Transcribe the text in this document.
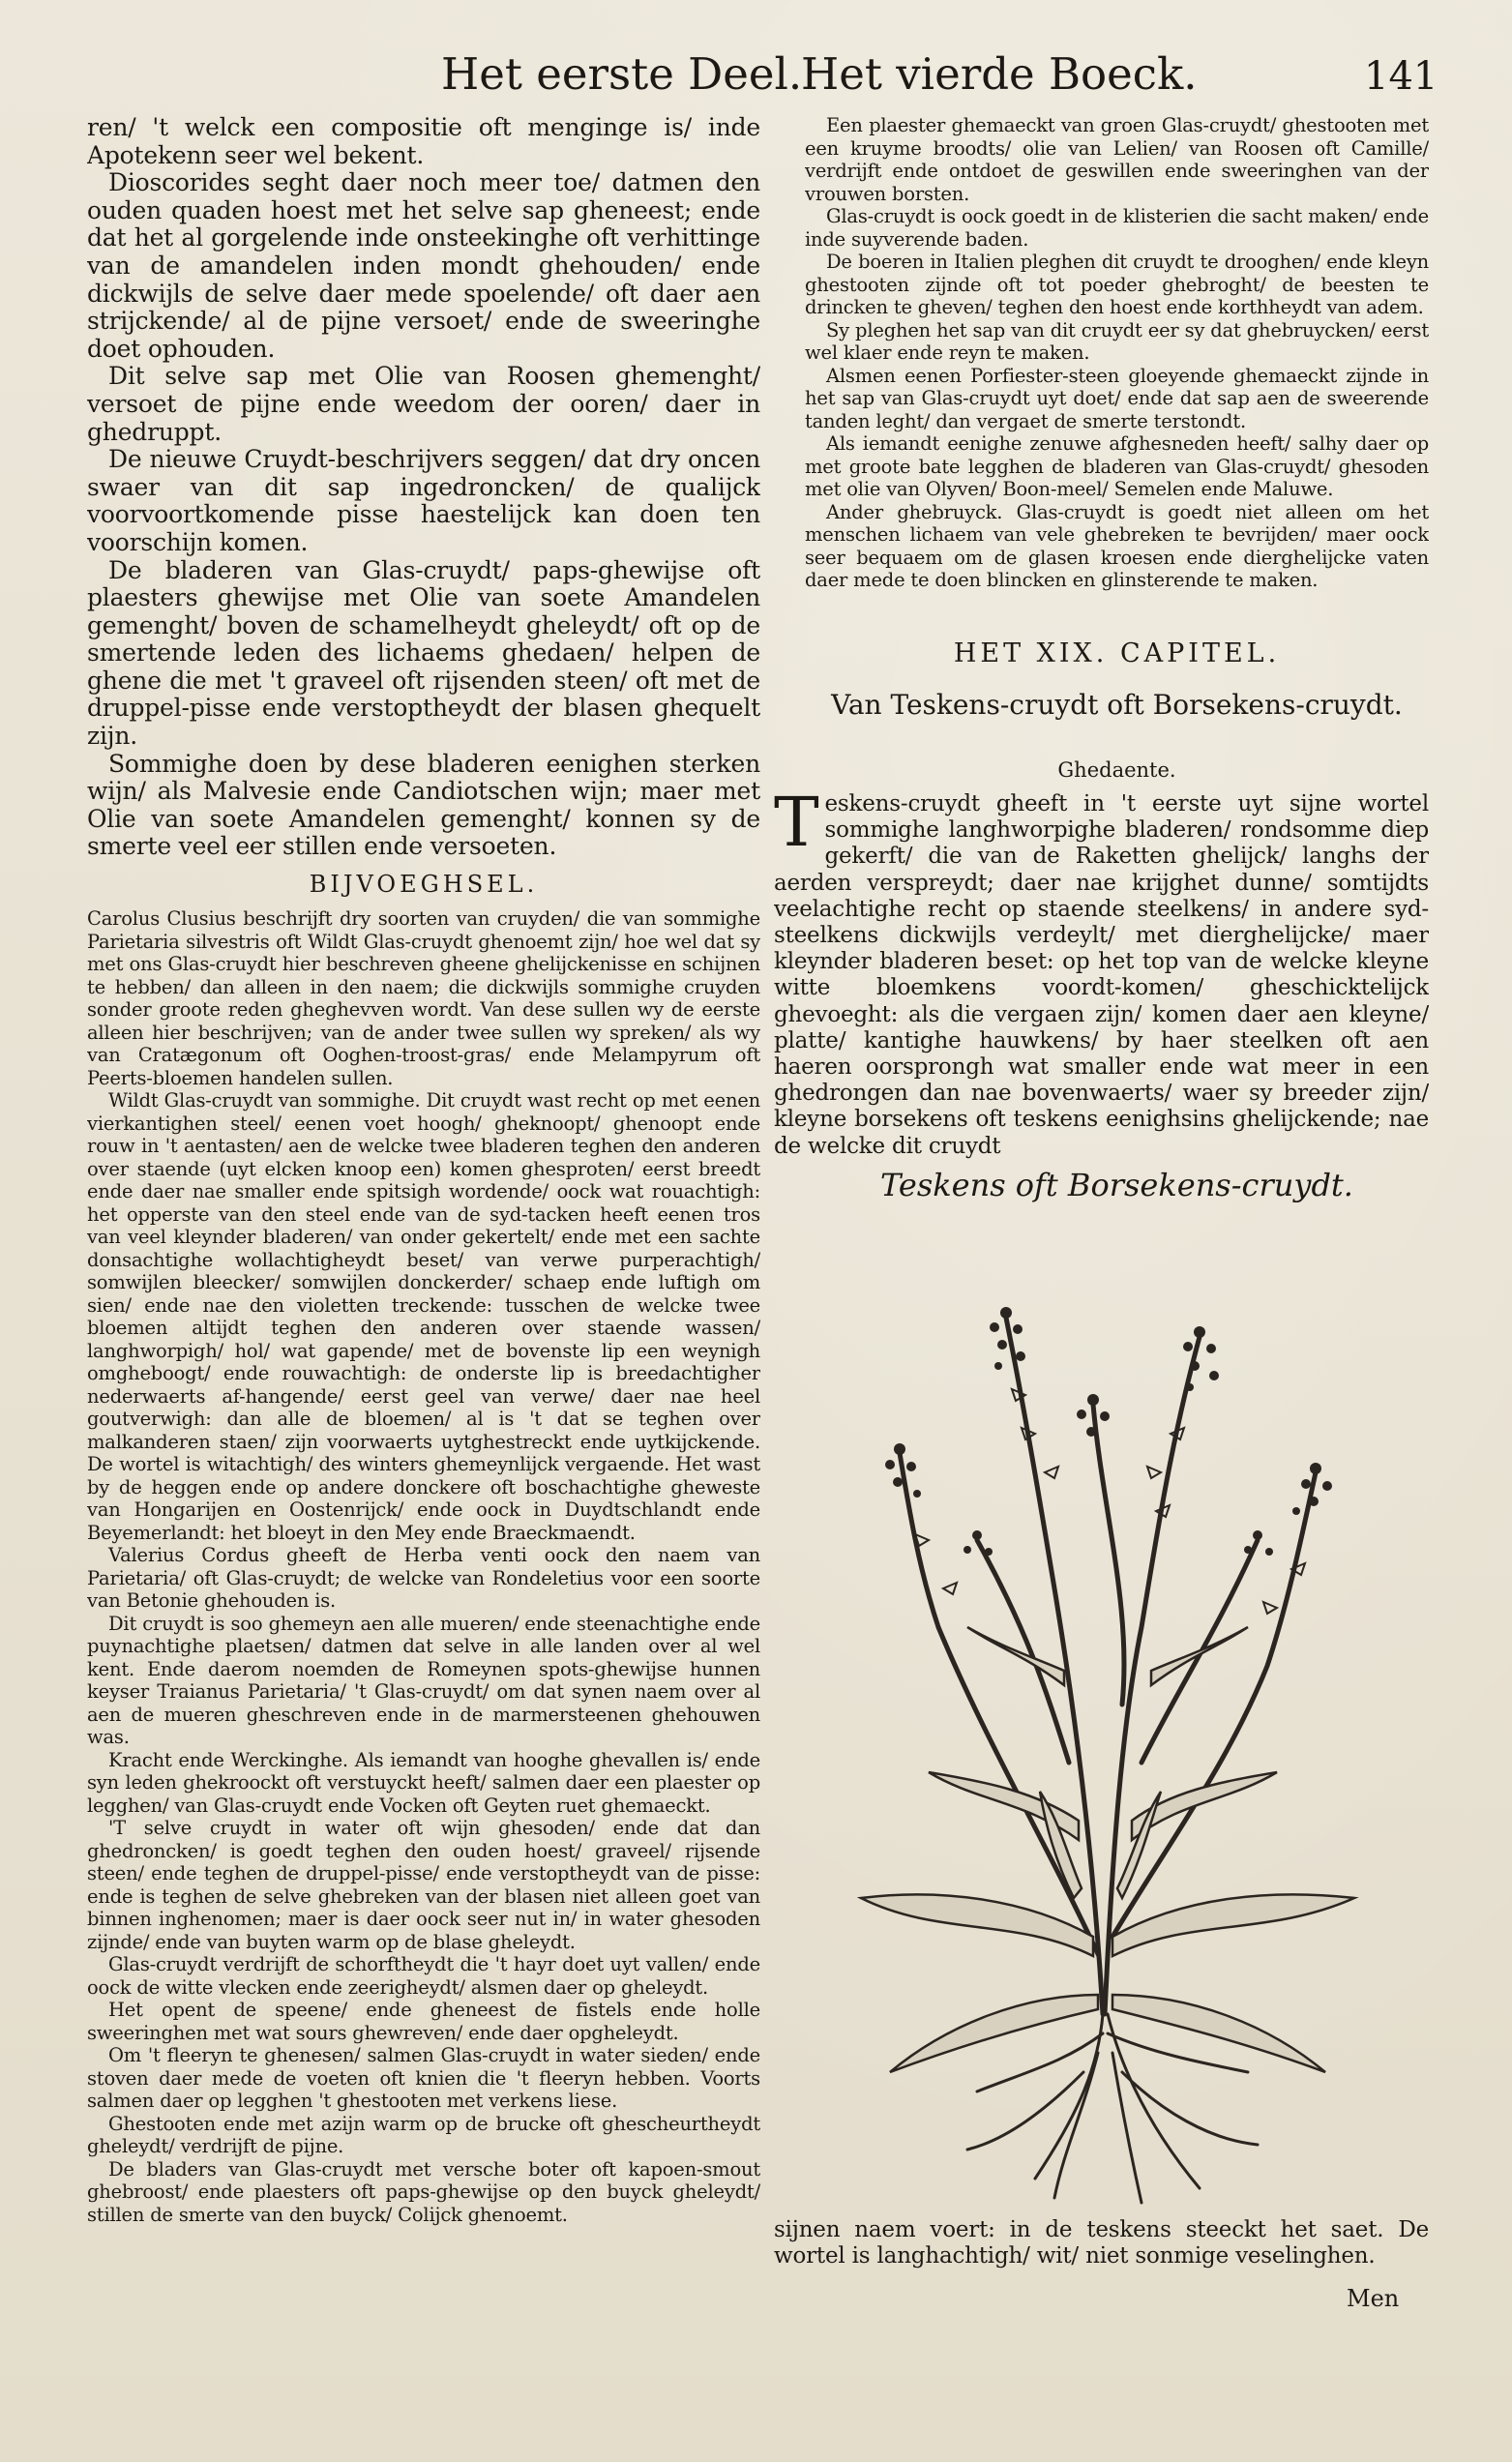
Het eerste Deel.
Het vierde Boeck.	141

ren/ 't welck een compositie oft menginge is/ inde Apotekenn seer wel bekent.

Dioscorides seght daer noch meer toe/ datmen den ouden quaden hoest met het selve sap gheneest; ende dat het al gorgelende inde onsteekinghe oft verhittinge van de amandelen inden mondt ghehouden/ ende dickwijls de selve daer mede spoelende/ oft daer aen strijckende/ al de pijne versoet/ ende de sweeringhe doet ophouden.

Dit selve sap met Olie van Roosen ghemenght/ versoet de pijne ende weedom der ooren/ daer in ghedruppt.

De nieuwe Cruydt-beschrijvers seggen/ dat dry oncen swaer van dit sap ingedroncken/ de qualijck voorvoortkomende pisse haestelijck kan doen ten voorschijn komen.

De bladeren van Glas-cruydt/ paps-ghewijse oft plaesters ghewijse met Olie van soete Amandelen gemenght/ boven de schamelheydt gheleydt/ oft op de smertende leden des lichaems ghedaen/ helpen de ghene die met 't graveel oft rijsenden steen/ oft met de druppel-pisse ende verstoptheydt der blasen ghequelt zijn.

Sommighe doen by dese bladeren eenighen sterken wijn/ als Malvesie ende Candiotschen wijn; maer met Olie van soete Amandelen gemenght/ konnen sy de smerte veel eer stillen ende versoeten.

BIJVOEGHSEL.

Carolus Clusius beschrijft dry soorten van cruyden/ die van sommighe Parietaria silvestris oft Wildt Glas-cruydt ghenoemt zijn/ hoe wel dat sy met ons Glas-cruydt hier beschreven gheene ghelijckenisse en schijnen te hebben/ dan alleen in den naem; die dickwijls sommighe cruyden sonder groote reden gheghevven wordt. Van dese sullen wy de eerste alleen hier beschrijven; van de ander twee sullen wy spreken/ als wy van Cratægonum oft Ooghen-troost-gras/ ende Melampyrum oft Peerts-bloemen handelen sullen.

Wildt Glas-cruydt van sommighe. Dit cruydt wast recht op met eenen vierkantighen steel/ eenen voet hoogh/ gheknoopt/ ghenoopt ende rouw in 't aentasten/ aen de welcke twee bladeren teghen den anderen over staende (uyt elcken knoop een) komen ghesproten/ eerst breedt ende daer nae smaller ende spitsigh wordende/ oock wat rouachtigh: het opperste van den steel ende van de syd-tacken heeft eenen tros van veel kleynder bladeren/ van onder gekertelt/ ende met een sachte donsachtighe wollachtigheydt beset/ van verwe purperachtigh/ somwijlen bleecker/ somwijlen donckerder/ schaep ende luftigh om sien/ ende nae den violetten treckende: tusschen de welcke twee bloemen altijdt teghen den anderen over staende wassen/ langhworpigh/ hol/ wat gapende/ met de bovenste lip een weynigh omgheboogt/ ende rouwachtigh: de onderste lip is breedachtigher nederwaerts af-hangende/ eerst geel van verwe/ daer nae heel goutverwigh: dan alle de bloemen/ al is 't dat se teghen over malkanderen staen/ zijn voorwaerts uytghestreckt ende uytkijckende. De wortel is witachtigh/ des winters ghemeynlijck vergaende. Het wast by de heggen ende op andere donckere oft boschachtighe gheweste van Hongarijen en Oostenrijck/ ende oock in Duydtschlandt ende Beyemerlandt: het bloeyt in den Mey ende Braeckmaendt.

Valerius Cordus gheeft de Herba venti oock den naem van Parietaria/ oft Glas-cruydt; de welcke van Rondeletius voor een soorte van Betonie ghehouden is.

Dit cruydt is soo ghemeyn aen alle mueren/ ende steenachtighe ende puynachtighe plaetsen/ datmen dat selve in alle landen over al wel kent. Ende daerom noemden de Romeynen spots-ghewijse hunnen keyser Traianus Parietaria/ 't Glas-cruydt/ om dat synen naem over al aen de mueren gheschreven ende in de marmersteenen ghehouwen was.

Kracht ende Werckinghe. Als iemandt van hooghe ghevallen is/ ende syn leden ghekroockt oft verstuyckt heeft/ salmen daer een plaester op legghen/ van Glas-cruydt ende Vocken oft Geyten ruet ghemaeckt.

'T selve cruydt in water oft wijn ghesoden/ ende dat dan ghedroncken/ is goedt teghen den ouden hoest/ graveel/ rijsende steen/ ende teghen de druppel-pisse/ ende verstoptheydt van de pisse: ende is teghen de selve ghebreken van der blasen niet alleen goet van binnen inghenomen; maer is daer oock seer nut in/ in water ghesoden zijnde/ ende van buyten warm op de blase gheleydt.

Glas-cruydt verdrijft de schorftheydt die 't hayr doet uyt vallen/ ende oock de witte vlecken ende zeerigheydt/ alsmen daer op gheleydt.

Het opent de speene/ ende gheneest de fistels ende holle sweeringhen met wat sours ghewreven/ ende daer opgheleydt.

Om 't fleeryn te ghenesen/ salmen Glas-cruydt in water sieden/ ende stoven daer mede de voeten oft knien die 't fleeryn hebben. Voorts salmen daer op legghen 't ghestooten met verkens liese.

Ghestooten ende met azijn warm op de brucke oft ghescheurtheydt gheleydt/ verdrijft de pijne.

De bladers van Glas-cruydt met versche boter oft kapoen-smout ghebroost/ ende plaesters oft paps-ghewijse op den buyck gheleydt/ stillen de smerte van den buyck/ Colijck ghenoemt.

Een plaester ghemaeckt van groen Glas-cruydt/ ghestooten met een kruyme broodts/ olie van Lelien/ van Roosen oft Camille/ verdrijft ende ontdoet de geswillen ende sweeringhen van der vrouwen borsten.

Glas-cruydt is oock goedt in de klisterien die sacht maken/ ende inde suyverende baden.

De boeren in Italien pleghen dit cruydt te drooghen/ ende kleyn ghestooten zijnde oft tot poeder ghebroght/ de beesten te drincken te gheven/ teghen den hoest ende korthheydt van adem.

Sy pleghen het sap van dit cruydt eer sy dat ghebruycken/ eerst wel klaer ende reyn te maken.

Alsmen eenen Porfiester-steen gloeyende ghemaeckt zijnde in het sap van Glas-cruydt uyt doet/ ende dat sap aen de sweerende tanden leght/ dan vergaet de smerte terstondt.

Als iemandt eenighe zenuwe afghesneden heeft/ salhy daer op met groote bate legghen de bladeren van Glas-cruydt/ ghesoden met olie van Olyven/ Boon-meel/ Semelen ende Maluwe.

Ander ghebruyck. Glas-cruydt is goedt niet alleen om het menschen lichaem van vele ghebreken te bevrijden/ maer oock seer bequaem om de glasen kroesen ende dierghelijcke vaten daer mede te doen blincken en glinsterende te maken.

HET XIX. CAPITEL.
Van Teskens-cruydt oft Borsekens-cruydt.
Ghedaente.

Teskens-cruydt gheeft in 't eerste uyt sijne wortel sommighe langhworpighe bladeren/ rondsomme diep gekerft/ die van de Raketten ghelijck/ langhs der aerden verspreydt; daer nae krijghet dunne/ somtijdts veelachtighe recht op staende steelkens/ in andere syd-steelkens dickwijls verdeylt/ met dierghelijcke/ maer kleynder bladeren beset: op het top van de welcke kleyne witte bloemkens voordt-komen/ gheschicktelijck ghevoeght: als die vergaen zijn/ komen daer aen kleyne/ platte/ kantighe hauwkens/ by haer steelken oft aen haeren oorsprongh wat smaller ende wat meer in een ghedrongen dan nae bovenwaerts/ waer sy breeder zijn/ kleyne borsekens oft teskens eenighsins ghelijckende; nae de welcke dit cruydt

Teskens oft Borsekens-cruydt.

sijnen naem voert: in de teskens steeckt het saet. De wortel is langhachtigh/ wit/ niet sonmige veselinghen.

Men
